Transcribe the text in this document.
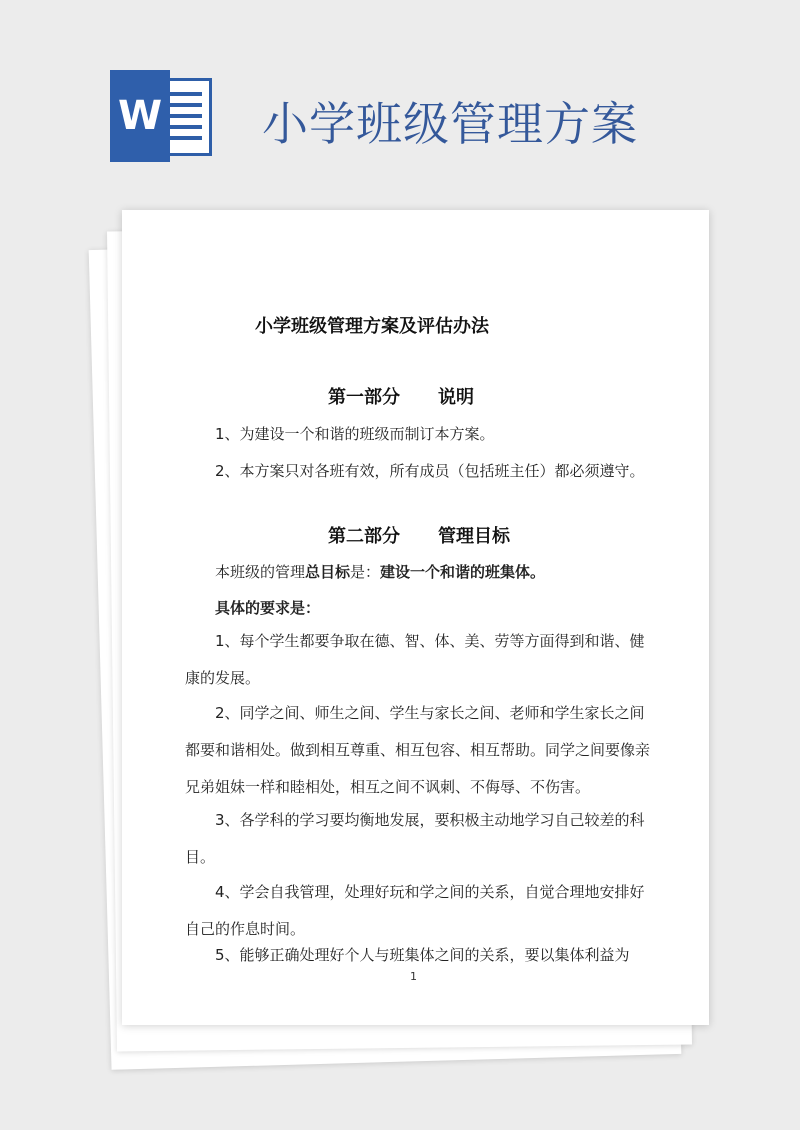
W 小学班级管理方案
小学班级管理方案及评估办法
第一部分 说明

1、为建设一个和谐的班级而制订本方案。

2、本方案只对各班有效，所有成员（包括班主任）都必须遵守。

第二部分 管理目标

本班级的管理总目标是：建设一个和谐的班集体。

具体的要求是：

1、每个学生都要争取在德、智、体、美、劳等方面得到和谐、健康的发展。

2、同学之间、师生之间、学生与家长之间、老师和学生家长之间都要和谐相处。做到相互尊重、相互包容、相互帮助。同学之间要像亲兄弟姐妹一样和睦相处，相互之间不讽刺、不侮辱、不伤害。

3、各学科的学习要均衡地发展，要积极主动地学习自己较差的科目。

4、学会自我管理，处理好玩和学之间的关系，自觉合理地安排好自己的作息时间。

5、能够正确处理好个人与班集体之间的关系，要以集体利益为

1
